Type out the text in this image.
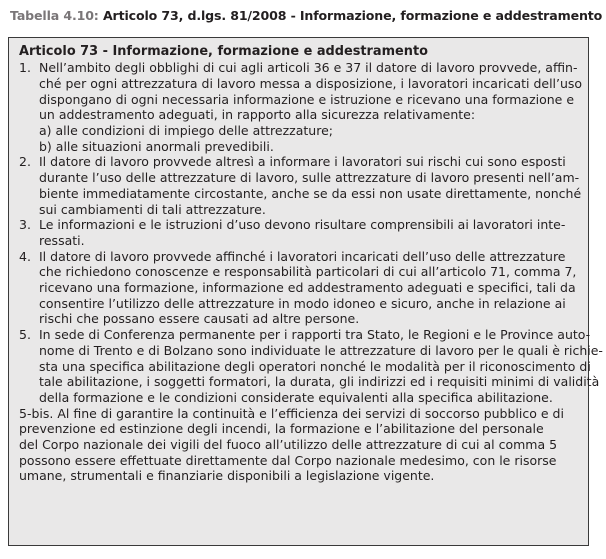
Tabella 4.10: Articolo 73, d.lgs. 81/2008 - Informazione, formazione e addestramento
Articolo 73 - Informazione, formazione e addestramento
1. Nell’ambito degli obblighi di cui agli articoli 36 e 37 il datore di lavoro provvede, affin-
ché per ogni attrezzatura di lavoro messa a disposizione, i lavoratori incaricati dell’uso
dispongano di ogni necessaria informazione e istruzione e ricevano una formazione e
un addestramento adeguati, in rapporto alla sicurezza relativamente:
a) alle condizioni di impiego delle attrezzature;
b) alle situazioni anormali prevedibili.
2. Il datore di lavoro provvede altresì a informare i lavoratori sui rischi cui sono esposti
durante l’uso delle attrezzature di lavoro, sulle attrezzature di lavoro presenti nell’am-
biente immediatamente circostante, anche se da essi non usate direttamente, nonché
sui cambiamenti di tali attrezzature.
3. Le informazioni e le istruzioni d’uso devono risultare comprensibili ai lavoratori inte-
ressati.
4. Il datore di lavoro provvede affinché i lavoratori incaricati dell’uso delle attrezzature
che richiedono conoscenze e responsabilità particolari di cui all’articolo 71, comma 7,
ricevano una formazione, informazione ed addestramento adeguati e specifici, tali da
consentire l’utilizzo delle attrezzature in modo idoneo e sicuro, anche in relazione ai
rischi che possano essere causati ad altre persone.
5. In sede di Conferenza permanente per i rapporti tra Stato, le Regioni e le Province auto-
nome di Trento e di Bolzano sono individuate le attrezzature di lavoro per le quali è richie-
sta una specifica abilitazione degli operatori nonché le modalità per il riconoscimento di
tale abilitazione, i soggetti formatori, la durata, gli indirizzi ed i requisiti minimi di validità
della formazione e le condizioni considerate equivalenti alla specifica abilitazione.
5-bis. Al fine di garantire la continuità e l’efficienza dei servizi di soccorso pubblico e di
prevenzione ed estinzione degli incendi, la formazione e l’abilitazione del personale
del Corpo nazionale dei vigili del fuoco all’utilizzo delle attrezzature di cui al comma 5
possono essere effettuate direttamente dal Corpo nazionale medesimo, con le risorse
umane, strumentali e finanziarie disponibili a legislazione vigente.
